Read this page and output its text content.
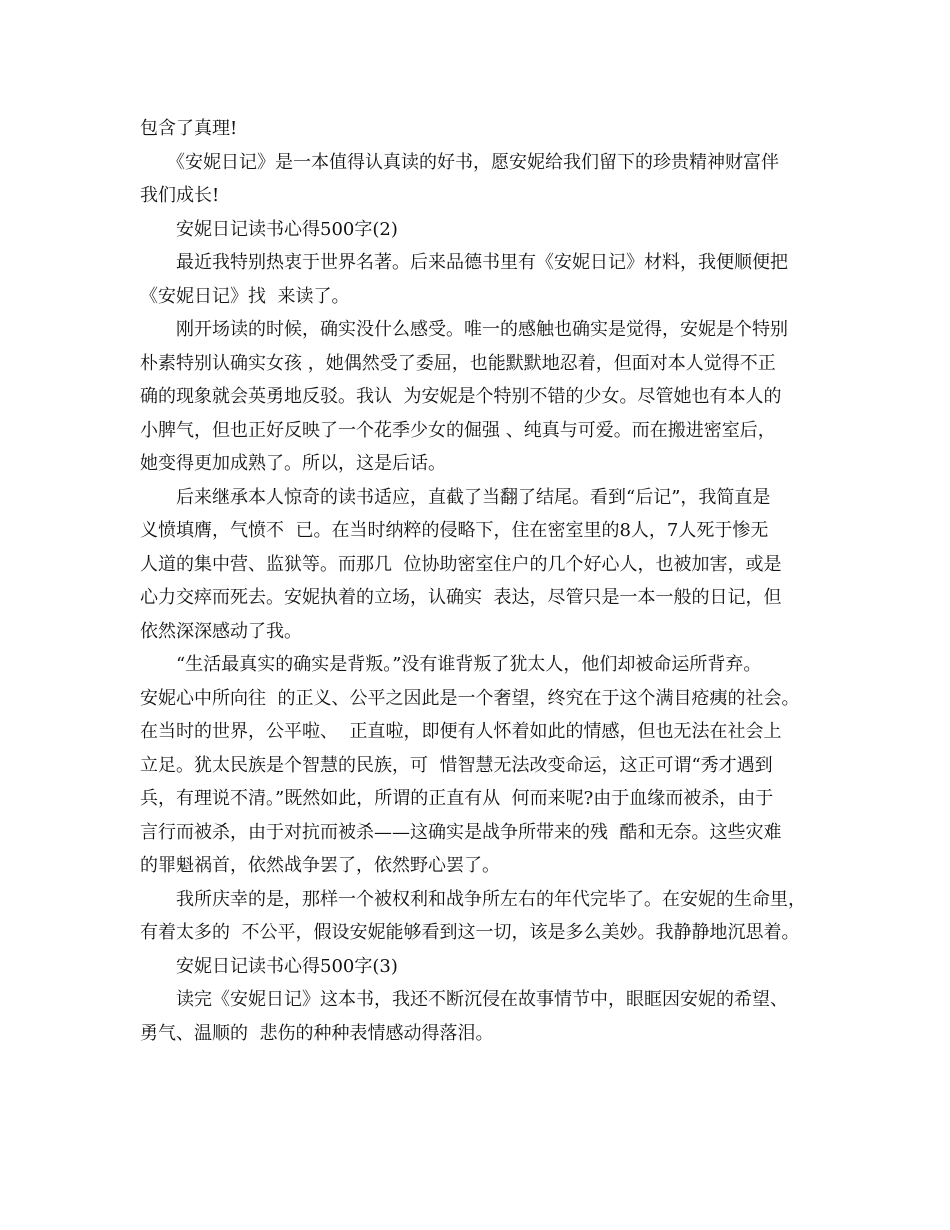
包含了真理!
　　《安妮日记》是一本值得认真读的好书，愿安妮给我们留下的珍贵精神财富伴
我们成长!
　　安妮日记读书心得500字(2)
　　最近我特别热衷于世界名著。后来品德书里有《安妮日记》材料，我便顺便把
《安妮日记》找  来读了。
　　刚开场读的时候，确实没什么感受。唯一的感触也确实是觉得，安妮是个特别
朴素特别认确实女孩 ，她偶然受了委屈，也能默默地忍着，但面对本人觉得不正
确的现象就会英勇地反驳。我认  为安妮是个特别不错的少女。尽管她也有本人的
小脾气，但也正好反映了一个花季少女的倔强 、纯真与可爱。而在搬进密室后，
她变得更加成熟了。所以，这是后话。
　　后来继承本人惊奇的读书适应，直截了当翻了结尾。看到“后记”，我简直是
义愤填膺，气愤不  已。在当时纳粹的侵略下，住在密室里的8人，7人死于惨无
人道的集中营、监狱等。而那几  位协助密室住户的几个好心人，也被加害，或是
心力交瘁而死去。安妮执着的立场，认确实  表达，尽管只是一本一般的日记，但
依然深深感动了我。
　　“生活最真实的确实是背叛。”没有谁背叛了犹太人，他们却被命运所背弃。
安妮心中所向往  的正义、公平之因此是一个奢望，终究在于这个满目疮痍的社会。
在当时的世界，公平啦、  正直啦，即便有人怀着如此的情感，但也无法在社会上
立足。犹太民族是个智慧的民族，可  惜智慧无法改变命运，这正可谓“秀才遇到
兵，有理说不清。”既然如此，所谓的正直有从  何而来呢?由于血缘而被杀，由于
言行而被杀，由于对抗而被杀——这确实是战争所带来的残  酷和无奈。这些灾难
的罪魁祸首，依然战争罢了，依然野心罢了。
　　我所庆幸的是，那样一个被权利和战争所左右的年代完毕了。在安妮的生命里，
有着太多的  不公平，假设安妮能够看到这一切，该是多么美妙。我静静地沉思着。
　　安妮日记读书心得500字(3)
　　读完《安妮日记》这本书，我还不断沉侵在故事情节中，眼眶因安妮的希望、
勇气、温顺的  悲伤的种种表情感动得落泪。
